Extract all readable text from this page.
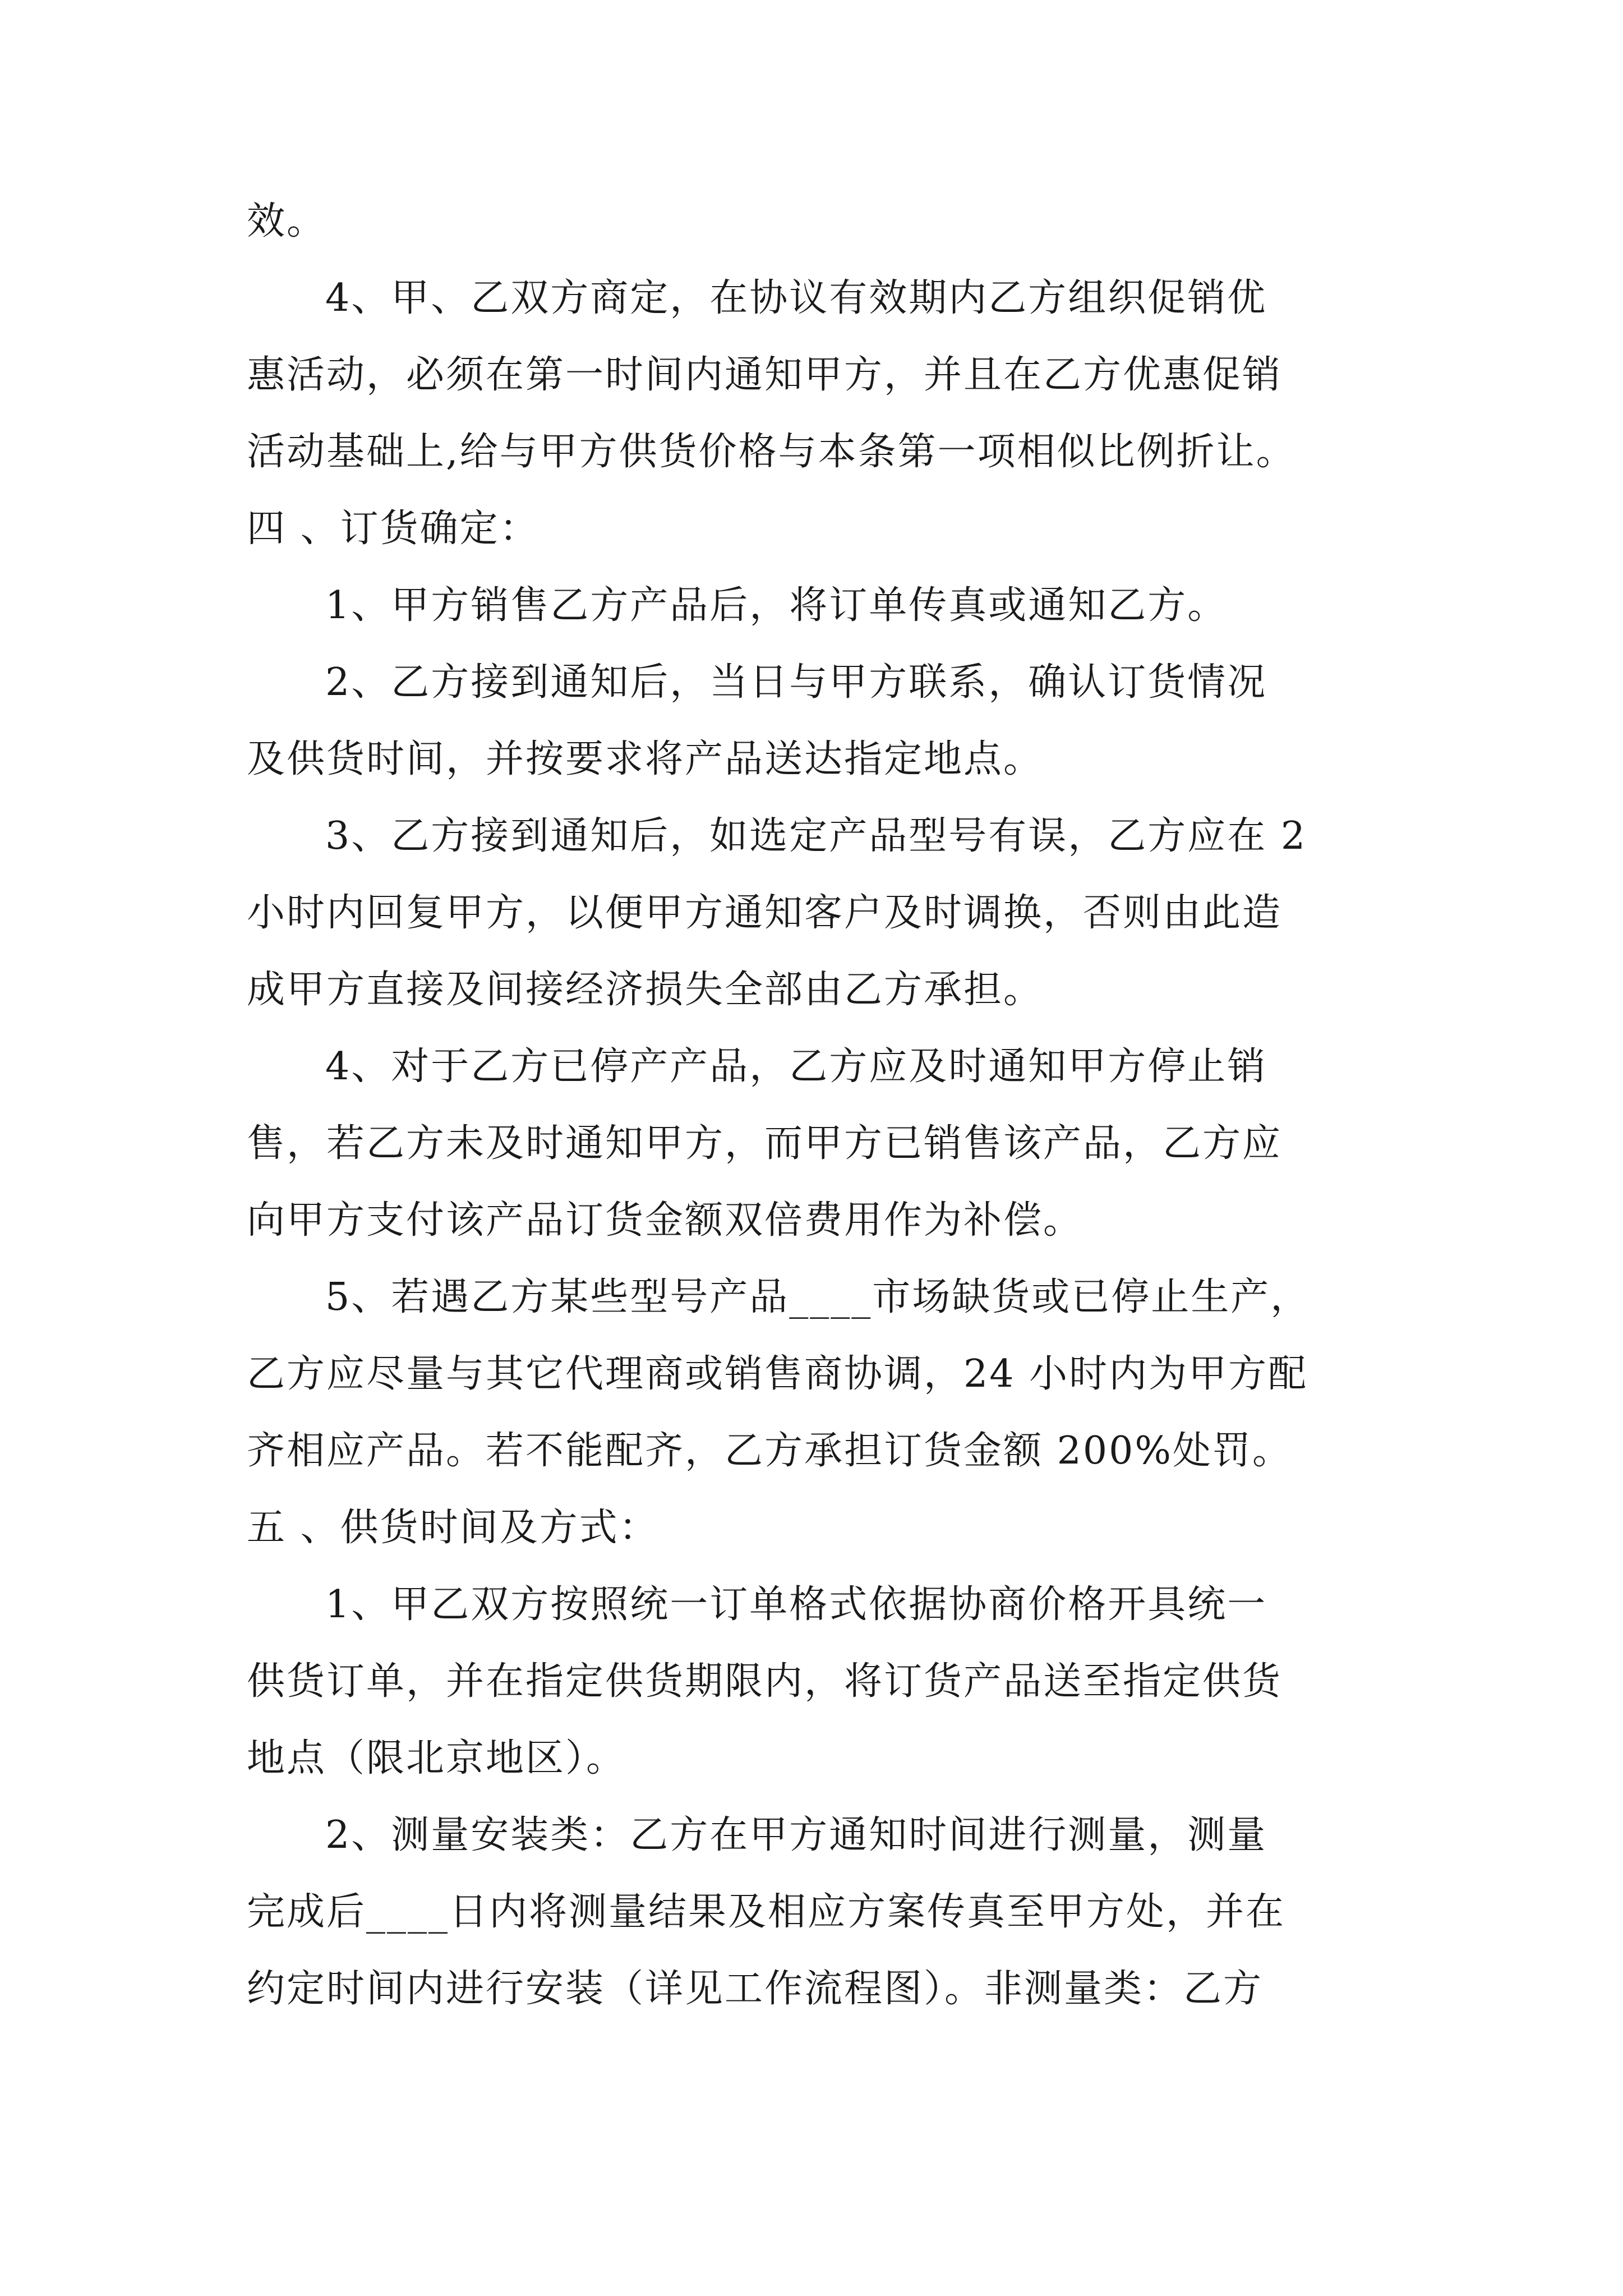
效。
4、甲、乙双方商定，在协议有效期内乙方组织促销优
惠活动，必须在第一时间内通知甲方，并且在乙方优惠促销
活动基础上,给与甲方供货价格与本条第一项相似比例折让。
四 、订货确定：
1、甲方销售乙方产品后，将订单传真或通知乙方。
2、乙方接到通知后，当日与甲方联系，确认订货情况
及供货时间，并按要求将产品送达指定地点。
3、乙方接到通知后，如选定产品型号有误，乙方应在 2
小时内回复甲方，以便甲方通知客户及时调换，否则由此造
成甲方直接及间接经济损失全部由乙方承担。
4、对于乙方已停产产品，乙方应及时通知甲方停止销
售，若乙方未及时通知甲方，而甲方已销售该产品，乙方应
向甲方支付该产品订货金额双倍费用作为补偿。
5、若遇乙方某些型号产品____市场缺货或已停止生产，
乙方应尽量与其它代理商或销售商协调，24 小时内为甲方配
齐相应产品。若不能配齐，乙方承担订货金额 200%处罚。
五 、供货时间及方式：
1、甲乙双方按照统一订单格式依据协商价格开具统一
供货订单，并在指定供货期限内，将订货产品送至指定供货
地点（限北京地区）。
2、测量安装类：乙方在甲方通知时间进行测量，测量
完成后____日内将测量结果及相应方案传真至甲方处，并在
约定时间内进行安装（详见工作流程图）。非测量类：乙方
